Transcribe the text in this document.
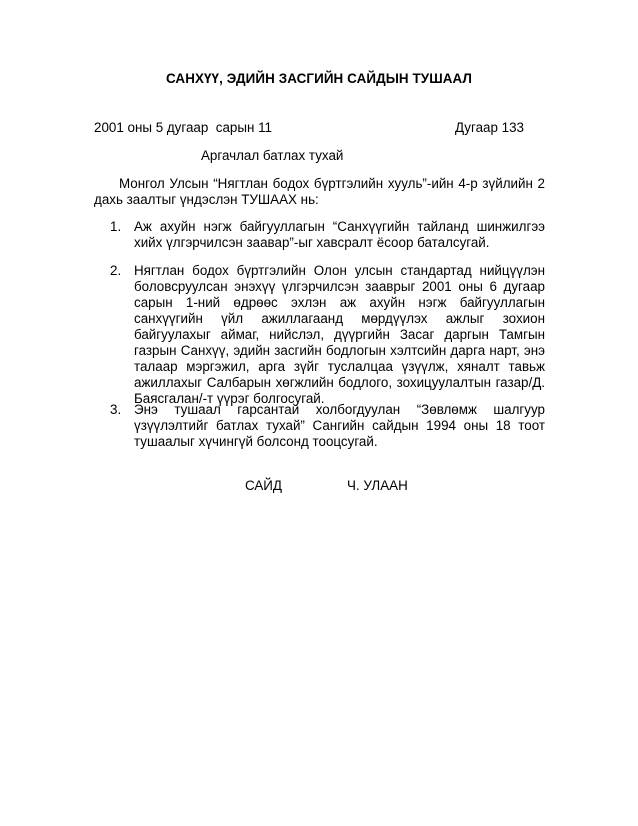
САНХҮҮ, ЭДИЙН ЗАСГИЙН САЙДЫН ТУШААЛ
2001 оны 5 дугаар  сарын 11	Дугаар 133
Аргачлал батлах тухай
Монгол Улсын “Нягтлан бодох бүртгэлийн хууль”-ийн 4-р зүйлийн 2 дахь заалтыг үндэслэн ТУШААХ нь:
1. Аж ахуйн нэгж байгууллагын “Санхүүгийн тайланд шинжилгээ хийх үлгэрчилсэн заавар”-ыг хавсралт ёсоор баталсугай.
2. Нягтлан бодох бүртгэлийн Олон улсын стандартад нийцүүлэн боловсруулсан энэхүү үлгэрчилсэн зааврыг 2001 оны 6 дугаар сарын 1-ний өдрөөс эхлэн аж ахуйн нэгж байгууллагын санхүүгийн үйл ажиллагаанд мөрдүүлэх ажлыг зохион байгуулахыг аймаг, нийслэл, дүүргийн Засаг даргын Тамгын газрын Санхүү, эдийн засгийн бодлогын хэлтсийн дарга нарт, энэ талаар мэргэжил, арга зүйг туслалцаа үзүүлж, хяналт тавьж ажиллахыг Салбарын хөгжлийн бодлого, зохицуулалтын газар/Д. Баясгалан/-т үүрэг болгосугай.
3. Энэ тушаал гарсантай холбогдуулан “Зөвлөмж шалгуур үзүүлэлтийг батлах тухай” Сангийн сайдын 1994 оны 18 тоот тушаалыг хүчингүй болсонд тооцсугай.
САЙД	Ч. УЛААН
